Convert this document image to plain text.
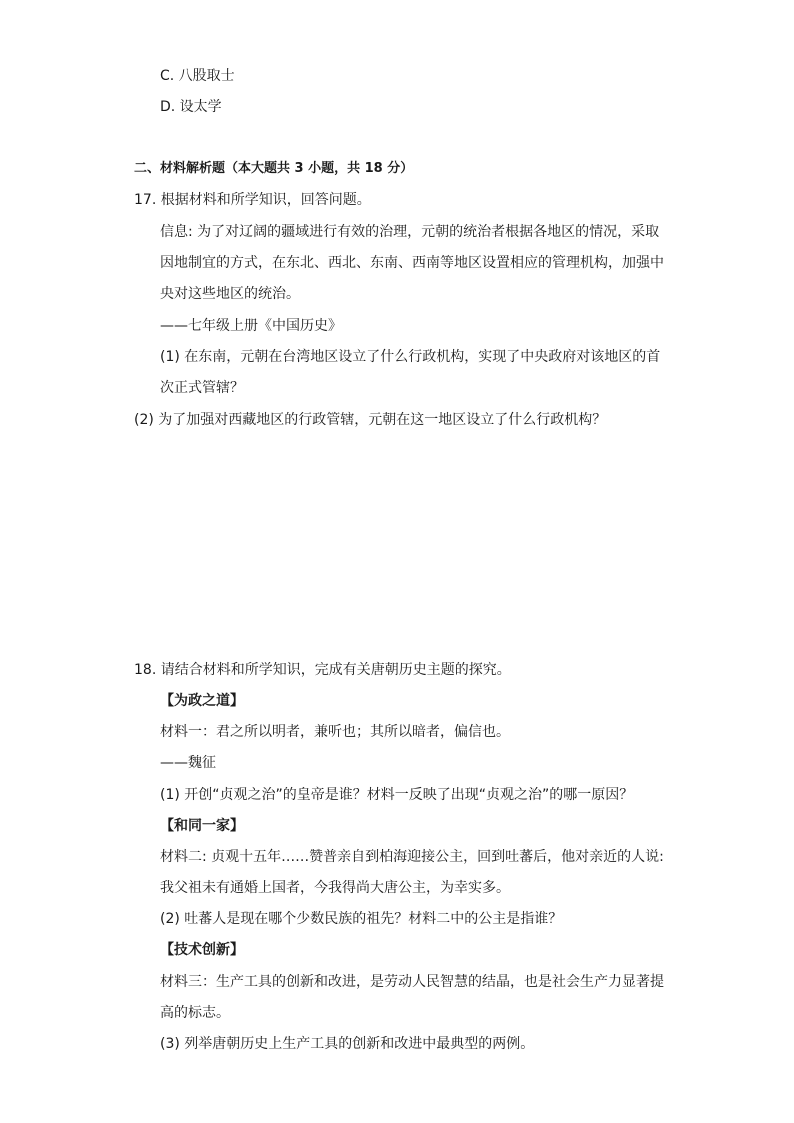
C. 八股取士
D. 设太学
二、材料解析题（本大题共 3 小题，共 18 分）
17. 根据材料和所学知识，回答问题。
信息: 为了对辽阔的疆域进行有效的治理，元朝的统治者根据各地区的情况，采取
因地制宜的方式，在东北、西北、东南、西南等地区设置相应的管理机构，加强中
央对这些地区的统治。
——七年级上册《中国历史》
(1) 在东南，元朝在台湾地区设立了什么行政机构，实现了中央政府对该地区的首
次正式管辖？
(2) 为了加强对西藏地区的行政管辖，元朝在这一地区设立了什么行政机构？
18. 请结合材料和所学知识，完成有关唐朝历史主题的探究。
【为政之道】
材料一：君之所以明者，兼听也；其所以暗者，偏信也。
——魏征
(1) 开创“贞观之治”的皇帝是谁？材料一反映了出现“贞观之治”的哪一原因？
【和同一家】
材料二: 贞观十五年……赞普亲自到柏海迎接公主，回到吐蕃后，他对亲近的人说:
我父祖未有通婚上国者，今我得尚大唐公主，为幸实多。
(2) 吐蕃人是现在哪个少数民族的祖先？材料二中的公主是指谁？
【技术创新】
材料三：生产工具的创新和改进，是劳动人民智慧的结晶，也是社会生产力显著提
高的标志。
(3) 列举唐朝历史上生产工具的创新和改进中最典型的两例。
